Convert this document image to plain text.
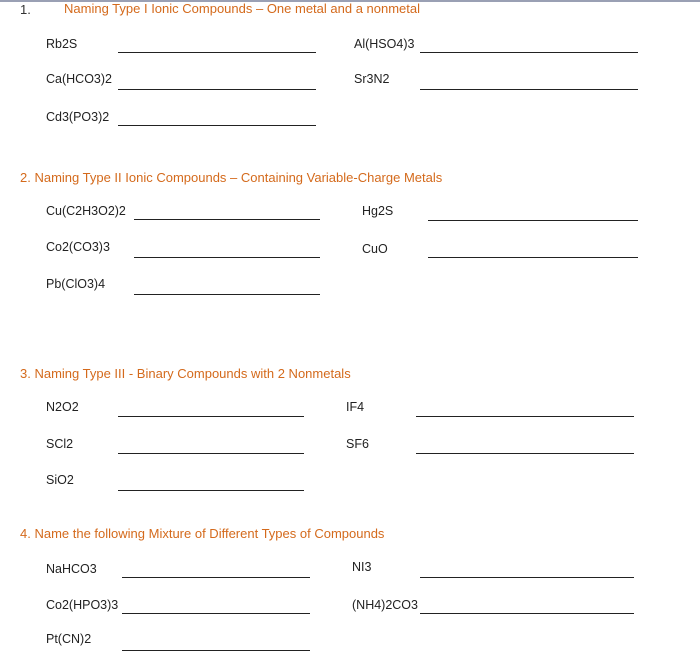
1.	Naming Type I Ionic Compounds – One metal and a nonmetal
Rb2S	Al(HSO4)3
Ca(HCO3)2	Sr3N2
Cd3(PO3)2
2. Naming Type II Ionic Compounds – Containing Variable-Charge Metals
Cu(C2H3O2)2	Hg2S
Co2(CO3)3	CuO
Pb(ClO3)4
3. Naming Type III - Binary Compounds with 2 Nonmetals
N2O2	IF4
SCl2	SF6
SiO2
4. Name the following Mixture of Different Types of Compounds
NaHCO3	NI3
Co2(HPO3)3	(NH4)2CO3
Pt(CN)2
